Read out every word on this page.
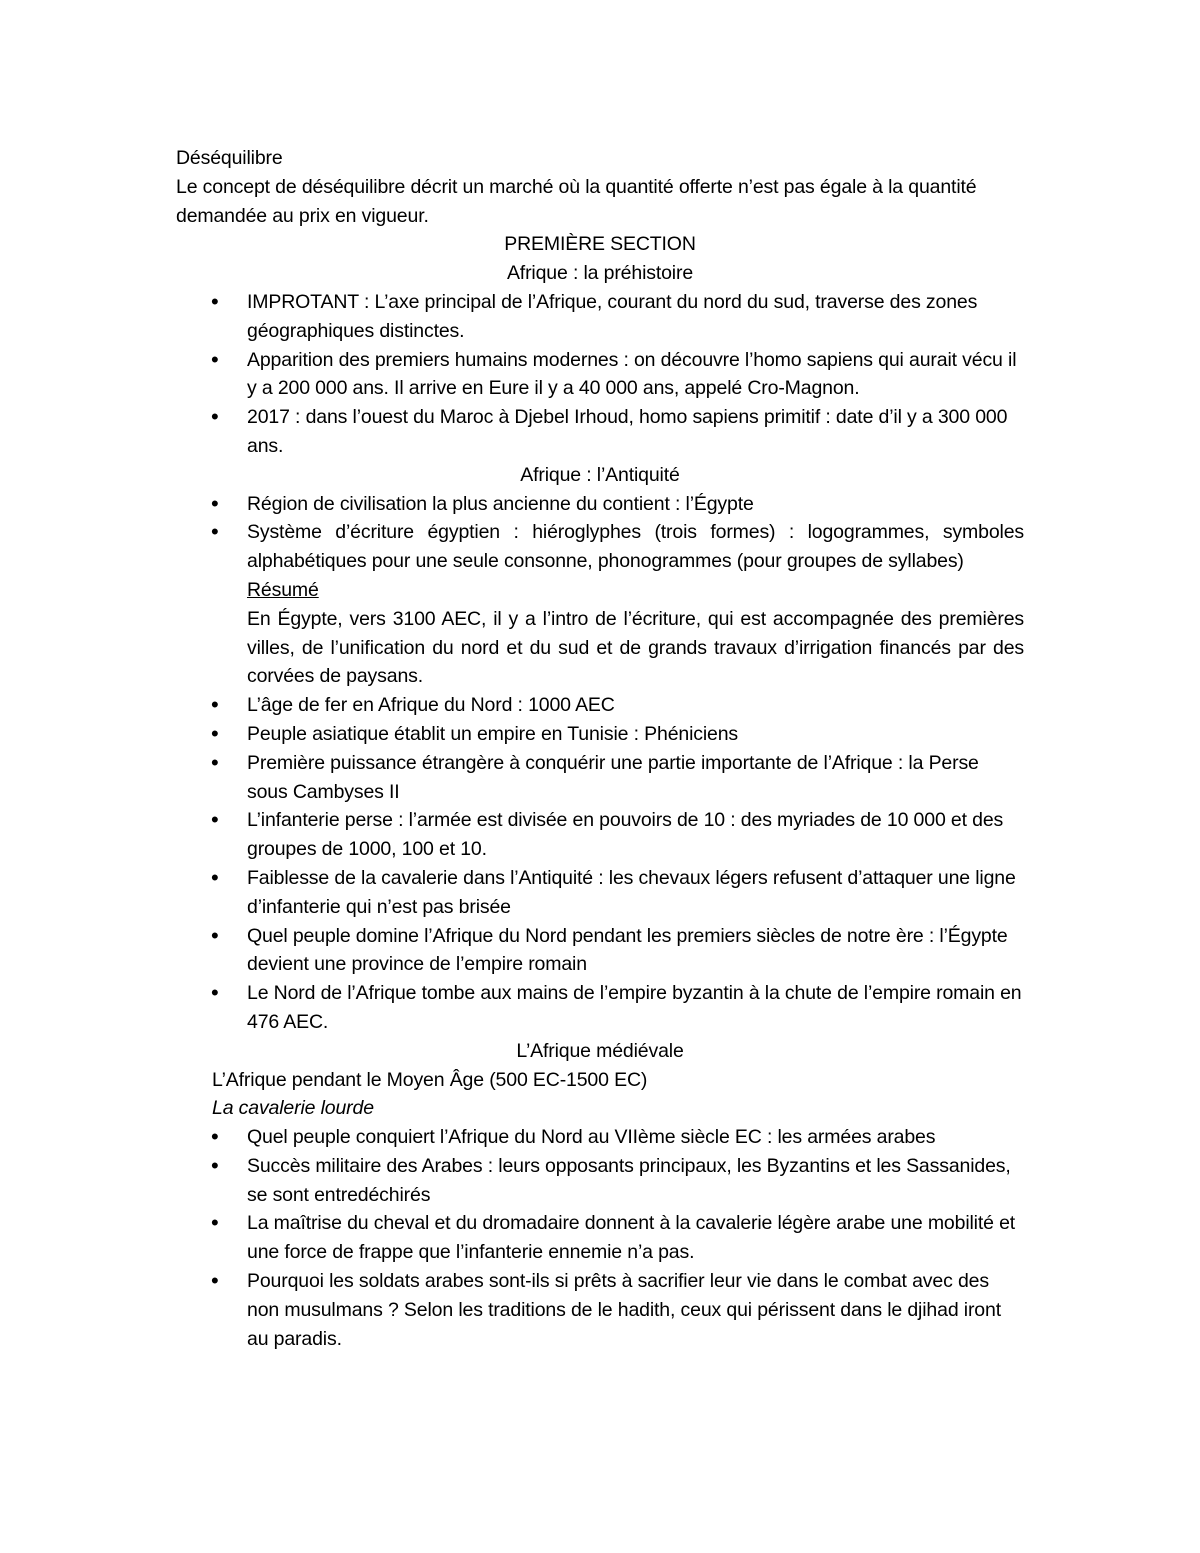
Déséquilibre
Le concept de déséquilibre décrit un marché où la quantité offerte n’est pas égale à la quantité demandée au prix en vigueur.
PREMIÈRE SECTION
Afrique : la préhistoire
• IMPROTANT : L’axe principal de l’Afrique, courant du nord du sud, traverse des zones géographiques distinctes.
• Apparition des premiers humains modernes : on découvre l’homo sapiens qui aurait vécu il y a 200 000 ans. Il arrive en Eure il y a 40 000 ans, appelé Cro-Magnon.
• 2017 : dans l’ouest du Maroc à Djebel Irhoud, homo sapiens primitif : date d’il y a 300 000 ans.
Afrique : l’Antiquité
• Région de civilisation la plus ancienne du contient : l’Égypte
• Système d’écriture égyptien : hiéroglyphes (trois formes) : logogrammes, symboles alphabétiques pour une seule consonne, phonogrammes (pour groupes de syllabes)
Résumé
En Égypte, vers 3100 AEC, il y a l’intro de l’écriture, qui est accompagnée des premières villes, de l’unification du nord et du sud et de grands travaux d’irrigation financés par des corvées de paysans.
• L’âge de fer en Afrique du Nord : 1000 AEC
• Peuple asiatique établit un empire en Tunisie : Phéniciens
• Première puissance étrangère à conquérir une partie importante de l’Afrique : la Perse sous Cambyses II
• L’infanterie perse : l’armée est divisée en pouvoirs de 10 : des myriades de 10 000 et des groupes de 1000, 100 et 10.
• Faiblesse de la cavalerie dans l’Antiquité : les chevaux légers refusent d’attaquer une ligne d’infanterie qui n’est pas brisée
• Quel peuple domine l’Afrique du Nord pendant les premiers siècles de notre ère : l’Égypte devient une province de l’empire romain
• Le Nord de l’Afrique tombe aux mains de l’empire byzantin à la chute de l’empire romain en 476 AEC.
L’Afrique médiévale
L’Afrique pendant le Moyen Âge (500 EC-1500 EC)
La cavalerie lourde
• Quel peuple conquiert l’Afrique du Nord au VIIème siècle EC : les armées arabes
• Succès militaire des Arabes : leurs opposants principaux, les Byzantins et les Sassanides, se sont entredéchirés
• La maîtrise du cheval et du dromadaire donnent à la cavalerie légère arabe une mobilité et une force de frappe que l’infanterie ennemie n’a pas.
• Pourquoi les soldats arabes sont-ils si prêts à sacrifier leur vie dans le combat avec des non musulmans ? Selon les traditions de le hadith, ceux qui périssent dans le djihad iront au paradis.
